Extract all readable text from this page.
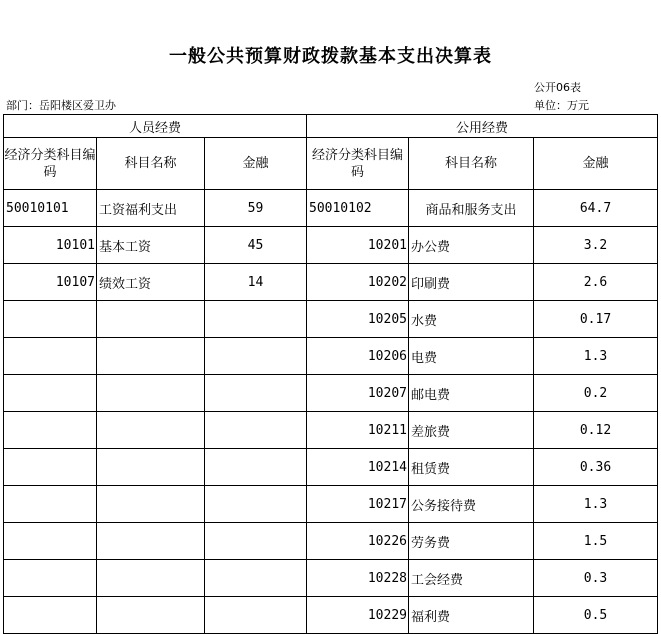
一般公共预算财政拨款基本支出决算表
公开06表
部门：岳阳楼区爱卫办	单位：万元
人员经费			公用经费		
经济分类科目编码	科目名称	金融	经济分类科目编码	科目名称	金融
50010101	工资福利支出	59	50010102	商品和服务支出	64.7
10101	基本工资	45	10201	办公费	3.2
10107	绩效工资	14	10202	印刷费	2.6
			10205	水费	0.17
			10206	电费	1.3
			10207	邮电费	0.2
			10211	差旅费	0.12
			10214	租赁费	0.36
			10217	公务接待费	1.3
			10226	劳务费	1.5
			10228	工会经费	0.3
			10229	福利费	0.5
